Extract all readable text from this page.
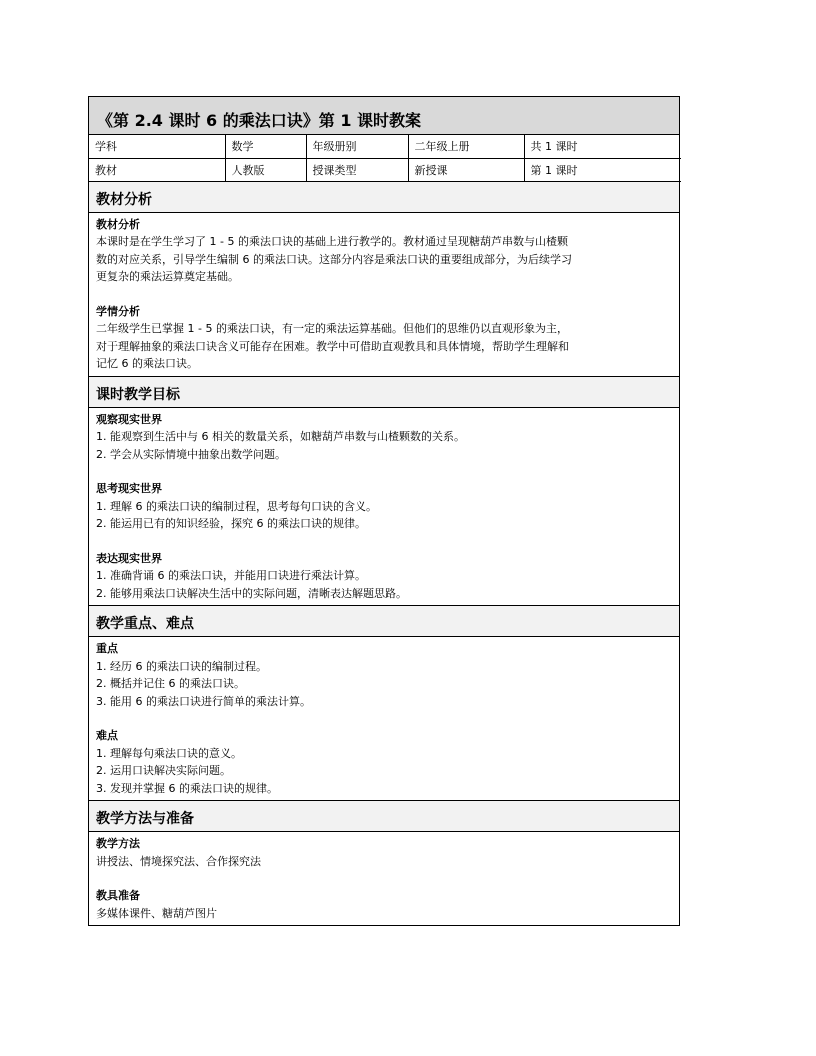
《第 2.4 课时 6 的乘法口诀》第 1 课时教案
学科	数学	年级册别	二年级上册	共 1 课时
教材	人教版	授课类型	新授课	第 1 课时
教材分析
教材分析
本课时是在学生学习了 1 - 5 的乘法口诀的基础上进行教学的。教材通过呈现糖葫芦串数与山楂颗
数的对应关系，引导学生编制 6 的乘法口诀。这部分内容是乘法口诀的重要组成部分，为后续学习
更复杂的乘法运算奠定基础。
学情分析
二年级学生已掌握 1 - 5 的乘法口诀，有一定的乘法运算基础。但他们的思维仍以直观形象为主，
对于理解抽象的乘法口诀含义可能存在困难。教学中可借助直观教具和具体情境，帮助学生理解和
记忆 6 的乘法口诀。
课时教学目标
观察现实世界
1. 能观察到生活中与 6 相关的数量关系，如糖葫芦串数与山楂颗数的关系。
2. 学会从实际情境中抽象出数学问题。
思考现实世界
1. 理解 6 的乘法口诀的编制过程，思考每句口诀的含义。
2. 能运用已有的知识经验，探究 6 的乘法口诀的规律。
表达现实世界
1. 准确背诵 6 的乘法口诀，并能用口诀进行乘法计算。
2. 能够用乘法口诀解决生活中的实际问题，清晰表达解题思路。
教学重点、难点
重点
1. 经历 6 的乘法口诀的编制过程。
2. 概括并记住 6 的乘法口诀。
3. 能用 6 的乘法口诀进行简单的乘法计算。
难点
1. 理解每句乘法口诀的意义。
2. 运用口诀解决实际问题。
3. 发现并掌握 6 的乘法口诀的规律。
教学方法与准备
教学方法
讲授法、情境探究法、合作探究法
教具准备
多媒体课件、糖葫芦图片
